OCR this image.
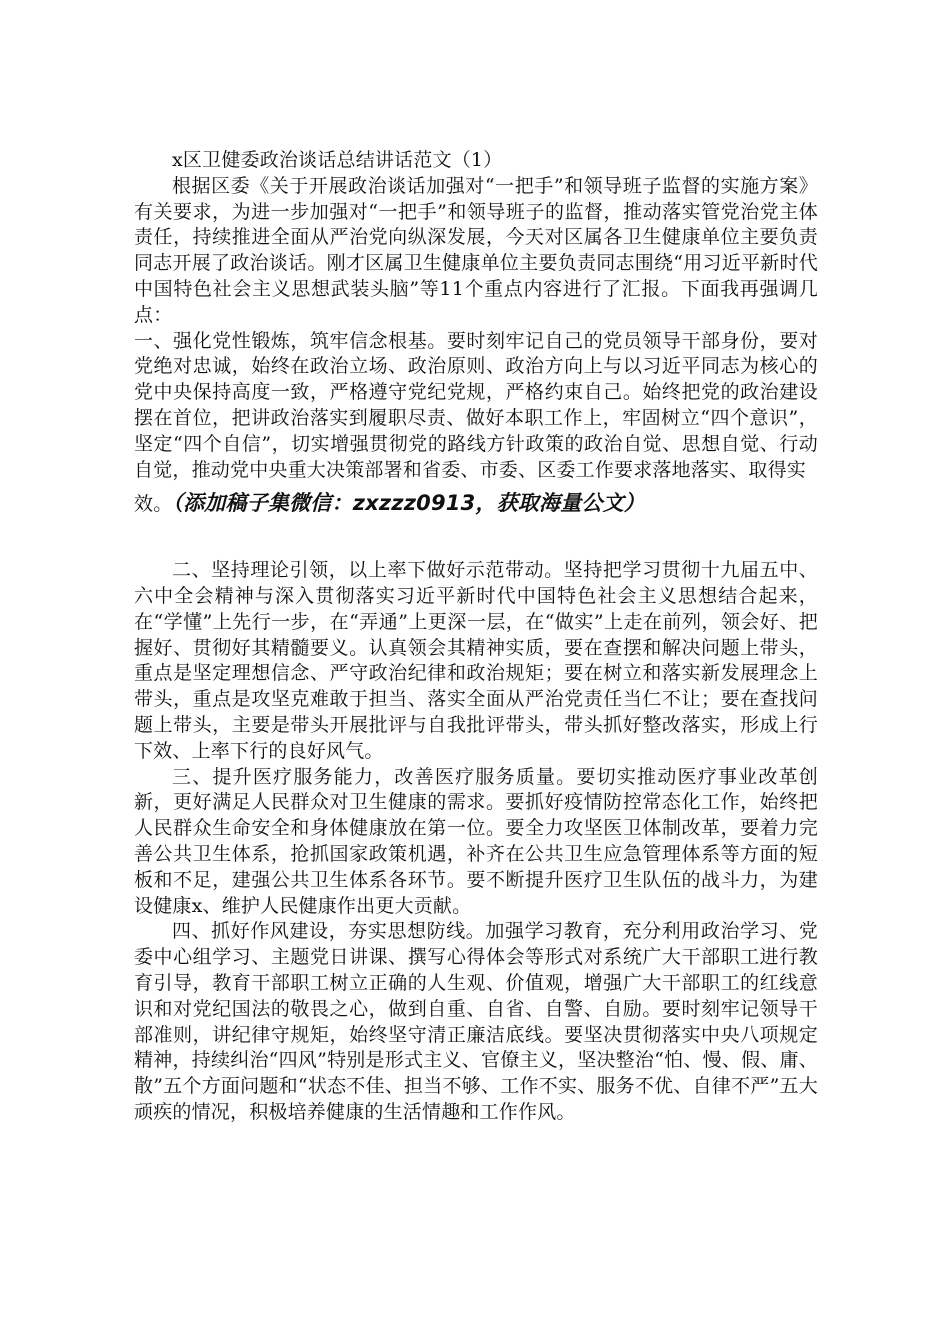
x区卫健委政治谈话总结讲话范文（1）

根据区委《关于开展政治谈话加强对“一把手”和领导班子监督的实施方案》有关要求，为进一步加强对“一把手”和领导班子的监督，推动落实管党治党主体责任，持续推进全面从严治党向纵深发展，今天对区属各卫生健康单位主要负责同志开展了政治谈话。刚才区属卫生健康单位主要负责同志围绕“用习近平新时代中国特色社会主义思想武装头脑”等11个重点内容进行了汇报。下面我再强调几点：

一、强化党性锻炼，筑牢信念根基。要时刻牢记自己的党员领导干部身份，要对党绝对忠诚，始终在政治立场、政治原则、政治方向上与以习近平同志为核心的党中央保持高度一致，严格遵守党纪党规，严格约束自己。始终把党的政治建设摆在首位，把讲政治落实到履职尽责、做好本职工作上，牢固树立“四个意识”，坚定“四个自信”，切实增强贯彻党的路线方针政策的政治自觉、思想自觉、行动自觉，推动党中央重大决策部署和省委、市委、区委工作要求落地落实、取得实

效。（添加稿子集微信：zxzzz0913，获取海量公文）

二、坚持理论引领，以上率下做好示范带动。坚持把学习贯彻十九届五中、六中全会精神与深入贯彻落实习近平新时代中国特色社会主义思想结合起来，在“学懂”上先行一步，在“弄通”上更深一层，在“做实”上走在前列，领会好、把握好、贯彻好其精髓要义。认真领会其精神实质，要在查摆和解决问题上带头，重点是坚定理想信念、严守政治纪律和政治规矩；要在树立和落实新发展理念上带头，重点是攻坚克难敢于担当、落实全面从严治党责任当仁不让；要在查找问题上带头，主要是带头开展批评与自我批评带头，带头抓好整改落实，形成上行下效、上率下行的良好风气。

三、提升医疗服务能力，改善医疗服务质量。要切实推动医疗事业改革创新，更好满足人民群众对卫生健康的需求。要抓好疫情防控常态化工作，始终把人民群众生命安全和身体健康放在第一位。要全力攻坚医卫体制改革，要着力完善公共卫生体系，抢抓国家政策机遇，补齐在公共卫生应急管理体系等方面的短板和不足，建强公共卫生体系各环节。要不断提升医疗卫生队伍的战斗力，为建设健康x、维护人民健康作出更大贡献。

四、抓好作风建设，夯实思想防线。加强学习教育，充分利用政治学习、党委中心组学习、主题党日讲课、撰写心得体会等形式对系统广大干部职工进行教育引导，教育干部职工树立正确的人生观、价值观，增强广大干部职工的红线意识和对党纪国法的敬畏之心，做到自重、自省、自警、自励。要时刻牢记领导干部准则，讲纪律守规矩，始终坚守清正廉洁底线。要坚决贯彻落实中央八项规定精神，持续纠治“四风”特别是形式主义、官僚主义，坚决整治“怕、慢、假、庸、散”五个方面问题和“状态不佳、担当不够、工作不实、服务不优、自律不严”五大顽疾的情况，积极培养健康的生活情趣和工作作风。
